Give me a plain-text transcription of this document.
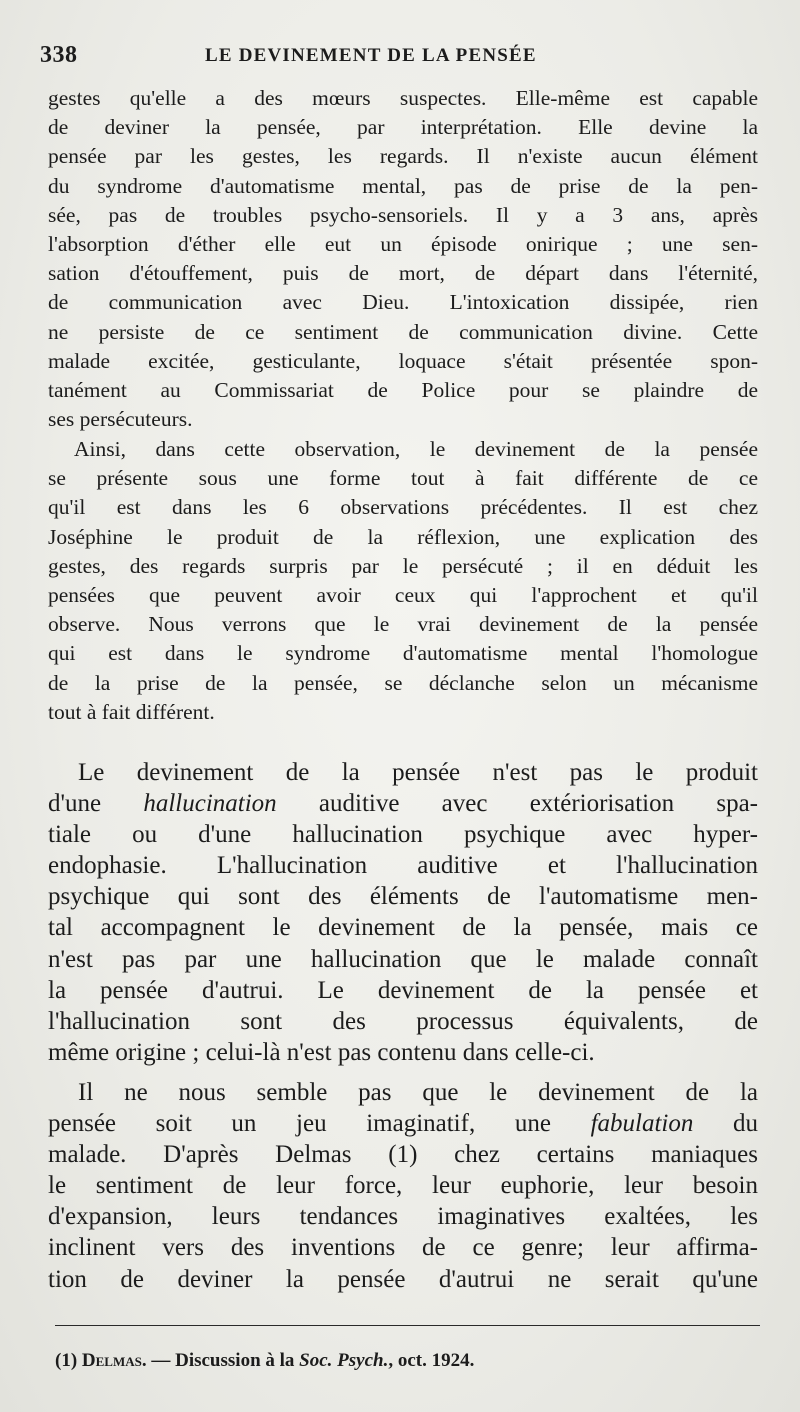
338	LE DEVINEMENT DE LA PENSÉE
gestes qu'elle a des mœurs suspectes. Elle-même est capable
de deviner la pensée, par interprétation. Elle devine la
pensée par les gestes, les regards. Il n'existe aucun élément
du syndrome d'automatisme mental, pas de prise de la pen-
sée, pas de troubles psycho-sensoriels. Il y a 3 ans, après
l'absorption d'éther elle eut un épisode onirique ; une sen-
sation d'étouffement, puis de mort, de départ dans l'éternité,
de communication avec Dieu. L'intoxication dissipée, rien
ne persiste de ce sentiment de communication divine. Cette
malade excitée, gesticulante, loquace s'était présentée spon-
tanément au Commissariat de Police pour se plaindre de
ses persécuteurs.
Ainsi, dans cette observation, le devinement de la pensée
se présente sous une forme tout à fait différente de ce
qu'il est dans les 6 observations précédentes. Il est chez
Joséphine le produit de la réflexion, une explication des
gestes, des regards surpris par le persécuté ; il en déduit les
pensées que peuvent avoir ceux qui l'approchent et qu'il
observe. Nous verrons que le vrai devinement de la pensée
qui est dans le syndrome d'automatisme mental l'homologue
de la prise de la pensée, se déclanche selon un mécanisme
tout à fait différent.
Le devinement de la pensée n'est pas le produit
d'une hallucination auditive avec extériorisation spa-
tiale ou d'une hallucination psychique avec hyper-
endophasie. L'hallucination auditive et l'hallucination
psychique qui sont des éléments de l'automatisme men-
tal accompagnent le devinement de la pensée, mais ce
n'est pas par une hallucination que le malade connaît
la pensée d'autrui. Le devinement de la pensée et
l'hallucination sont des processus équivalents, de
même origine ; celui-là n'est pas contenu dans celle-ci.
Il ne nous semble pas que le devinement de la
pensée soit un jeu imaginatif, une fabulation du
malade. D'après Delmas (1) chez certains maniaques
le sentiment de leur force, leur euphorie, leur besoin
d'expansion, leurs tendances imaginatives exaltées, les
inclinent vers des inventions de ce genre; leur affirma-
tion de deviner la pensée d'autrui ne serait qu'une
(1) Delmas. — Discussion à la Soc. Psych., oct. 1924.
